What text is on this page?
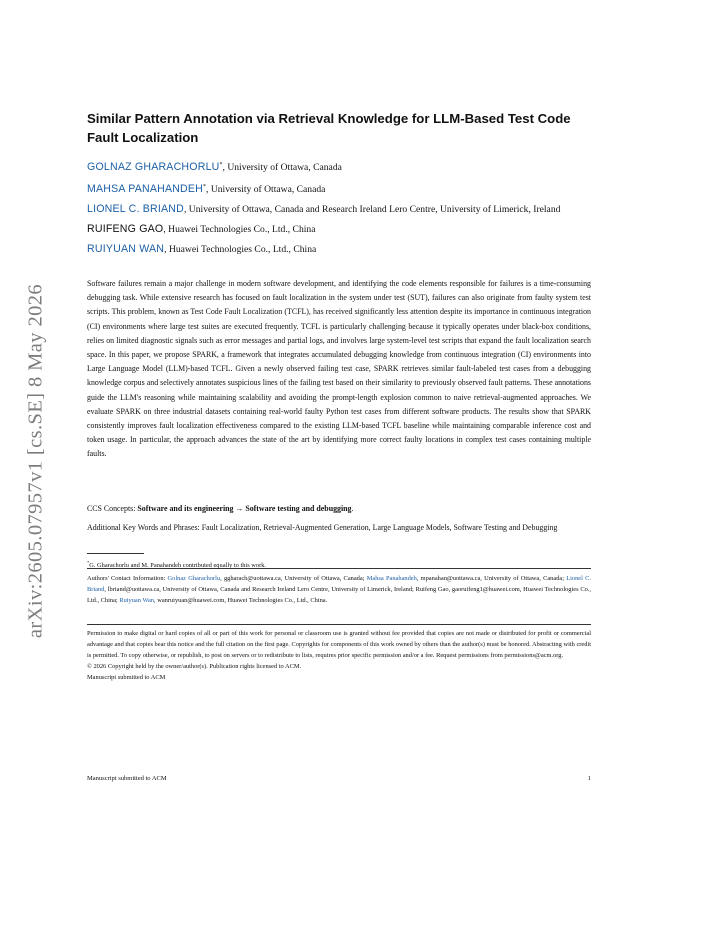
arXiv:2605.07957v1 [cs.SE] 8 May 2026
Similar Pattern Annotation via Retrieval Knowledge for LLM-Based Test Code Fault Localization
GOLNAZ GHARACHORLU*, University of Ottawa, Canada
MAHSA PANAHANDEH*, University of Ottawa, Canada
LIONEL C. BRIAND, University of Ottawa, Canada and Research Ireland Lero Centre, University of Limerick, Ireland
RUIFENG GAO, Huawei Technologies Co., Ltd., China
RUIYUAN WAN, Huawei Technologies Co., Ltd., China

Software failures remain a major challenge in modern software development, and identifying the code elements responsible for failures is a time-consuming debugging task. While extensive research has focused on fault localization in the system under test (SUT), failures can also originate from faulty system test scripts. This problem, known as Test Code Fault Localization (TCFL), has received significantly less attention despite its importance in continuous integration (CI) environments where large test suites are executed frequently. TCFL is particularly challenging because it typically operates under black-box conditions, relies on limited diagnostic signals such as error messages and partial logs, and involves large system-level test scripts that expand the fault localization search space. In this paper, we propose SPARK, a framework that integrates accumulated debugging knowledge from continuous integration (CI) environments into Large Language Model (LLM)-based TCFL. Given a newly observed failing test case, SPARK retrieves similar fault-labeled test cases from a debugging knowledge corpus and selectively annotates suspicious lines of the failing test based on their similarity to previously observed fault patterns. These annotations guide the LLM's reasoning while maintaining scalability and avoiding the prompt-length explosion common to naive retrieval-augmented approaches. We evaluate SPARK on three industrial datasets containing real-world faulty Python test cases from different software products. The results show that SPARK consistently improves fault localization effectiveness compared to the existing LLM-based TCFL baseline while maintaining comparable inference cost and token usage. In particular, the approach advances the state of the art by identifying more correct faulty locations in complex test cases containing multiple faults.

CCS Concepts: Software and its engineering → Software testing and debugging.
Additional Key Words and Phrases: Fault Localization, Retrieval-Augmented Generation, Large Language Models, Software Testing and Debugging
*G. Gharachorlu and M. Panahandeh contributed equally to this work.
Authors' Contact Information: Golnaz Gharachorlu, ggharach@uottawa.ca, University of Ottawa, Canada; Mahsa Panahandeh, mpanahan@uottawa.ca, University of Ottawa, Canada; Lionel C. Briand, lbriand@uottawa.ca, University of Ottawa, Canada and Research Ireland Lero Centre, University of Limerick, Ireland; Ruifeng Gao, gaoruifeng1@huawei.com, Huawei Technologies Co., Ltd., China; Ruiyuan Wan, wanruiyuan@huawei.com, Huawei Technologies Co., Ltd., China.

Permission to make digital or hard copies of all or part of this work for personal or classroom use is granted without fee provided that copies are not made or distributed for profit or commercial advantage and that copies bear this notice and the full citation on the first page. Copyrights for components of this work owned by others than the author(s) must be honored. Abstracting with credit is permitted. To copy otherwise, or republish, to post on servers or to redistribute to lists, requires prior specific permission and/or a fee. Request permissions from permissions@acm.org.

© 2026 Copyright held by the owner/author(s). Publication rights licensed to ACM.

Manuscript submitted to ACM

Manuscript submitted to ACM	1
